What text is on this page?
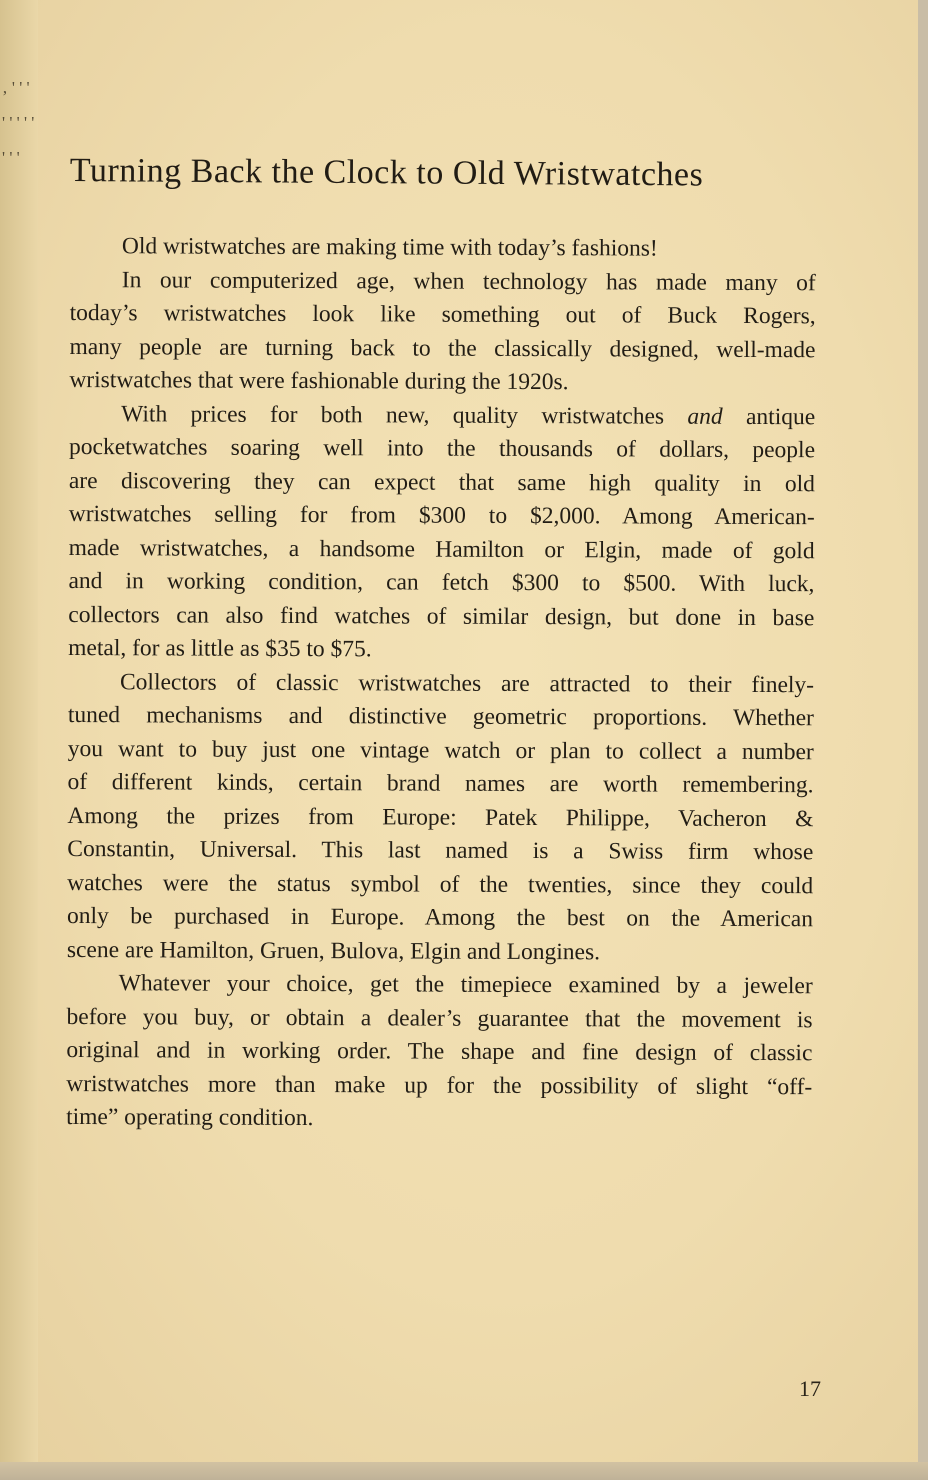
‚ ' ' ' ' ' ' ' ' ' ' '	Turning Back the Clock to Old Wristwatches
Old wristwatches are making time with today’s fashions!
In our computerized age, when technology has made many of
today’s wristwatches look like something out of Buck Rogers,
many people are turning back to the classically designed, well-made
wristwatches that were fashionable during the 1920s.
With prices for both new, quality wristwatches and antique
pocketwatches soaring well into the thousands of dollars, people
are discovering they can expect that same high quality in old
wristwatches selling for from $300 to $2,000. Among American-
made wristwatches, a handsome Hamilton or Elgin, made of gold
and in working condition, can fetch $300 to $500. With luck,
collectors can also find watches of similar design, but done in base
metal, for as little as $35 to $75.
Collectors of classic wristwatches are attracted to their finely-
tuned mechanisms and distinctive geometric proportions. Whether
you want to buy just one vintage watch or plan to collect a number
of different kinds, certain brand names are worth remembering.
Among the prizes from Europe: Patek Philippe, Vacheron &
Constantin, Universal. This last named is a Swiss firm whose
watches were the status symbol of the twenties, since they could
only be purchased in Europe. Among the best on the American
scene are Hamilton, Gruen, Bulova, Elgin and Longines.
Whatever your choice, get the timepiece examined by a jeweler
before you buy, or obtain a dealer’s guarantee that the movement is
original and in working order. The shape and fine design of classic
wristwatches more than make up for the possibility of slight “off-
time” operating condition.
17
